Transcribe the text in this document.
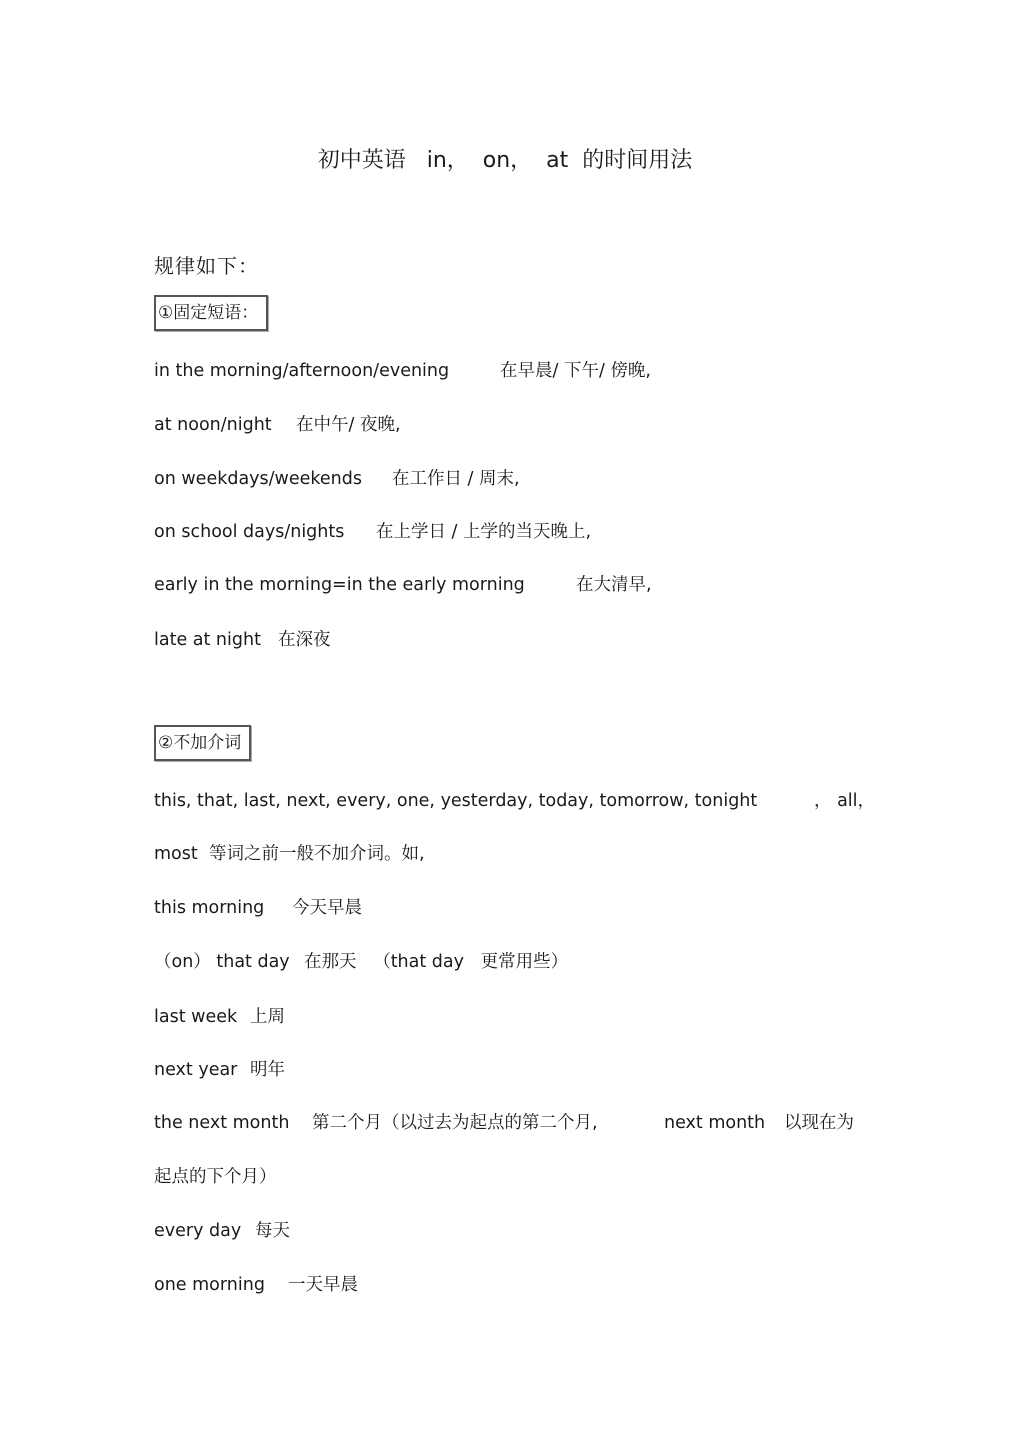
初中英语   in，  on，  at  的时间用法
规律如下：
①固定短语：
in the morning/afternoon/evening	在早晨/ 下午/ 傍晚,
at noon/night 在中午/ 夜晚,
on weekdays/weekends 在工作日 / 周末,
on school days/nights 在上学日 / 上学的当天晚上,
early in the morning=in the early morning	在大清早,
late at night 在深夜
②不加介词
this, that, last, next, every, one, yesterday, today, tomorrow, tonight	， all，
most 等词之前一般不加介词。如,
this morning 今天早晨
（on） that day 在那天   （that day   更常用些）
last week 上周
next year 明年
the next month 第二个月（以过去为起点的第二个月,	next month 以现在为
起点的下个月）
every day 每天
one morning 一天早晨
